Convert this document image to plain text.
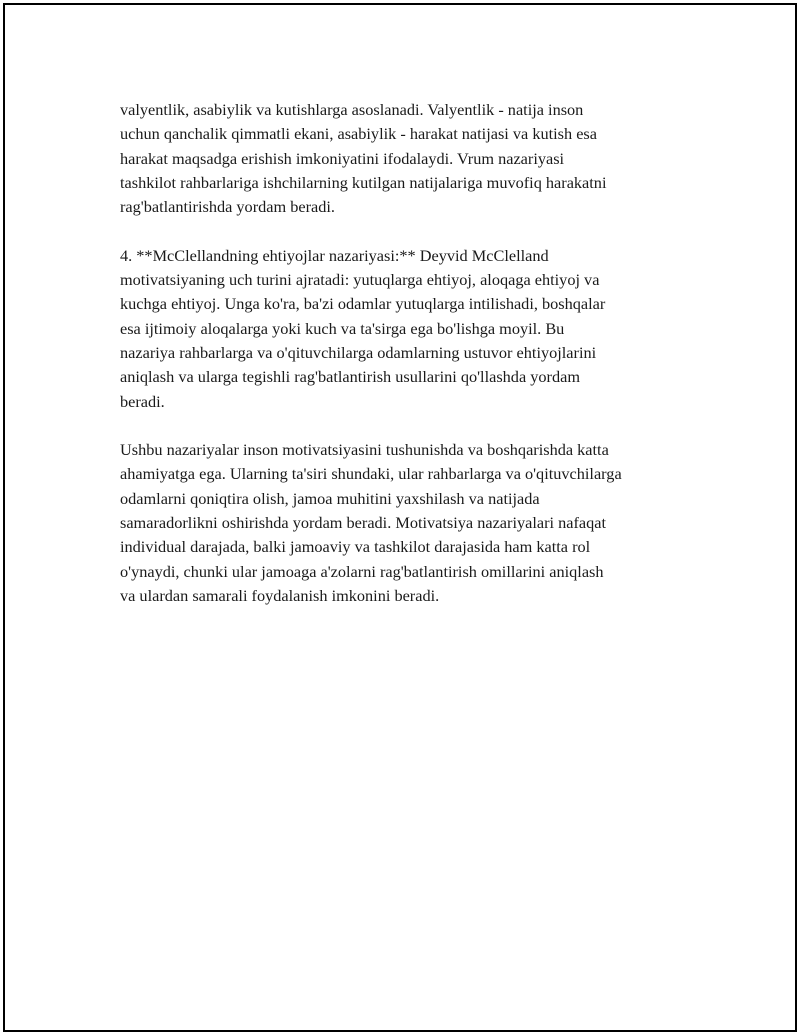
valyentlik, asabiylik va kutishlarga asoslanadi. Valyentlik - natija inson
uchun qanchalik qimmatli ekani, asabiylik - harakat natijasi va kutish esa
harakat maqsadga erishish imkoniyatini ifodalaydi. Vrum nazariyasi
tashkilot rahbarlariga ishchilarning kutilgan natijalariga muvofiq harakatni
rag'batlantirishda yordam beradi.

4. **McClellandning ehtiyojlar nazariyasi:** Deyvid McClelland
motivatsiyaning uch turini ajratadi: yutuqlarga ehtiyoj, aloqaga ehtiyoj va
kuchga ehtiyoj. Unga ko'ra, ba'zi odamlar yutuqlarga intilishadi, boshqalar
esa ijtimoiy aloqalarga yoki kuch va ta'sirga ega bo'lishga moyil. Bu
nazariya rahbarlarga va o'qituvchilarga odamlarning ustuvor ehtiyojlarini
aniqlash va ularga tegishli rag'batlantirish usullarini qo'llashda yordam
beradi.

Ushbu nazariyalar inson motivatsiyasini tushunishda va boshqarishda katta
ahamiyatga ega. Ularning ta'siri shundaki, ular rahbarlarga va o'qituvchilarga
odamlarni qoniqtira olish, jamoa muhitini yaxshilash va natijada
samaradorlikni oshirishda yordam beradi. Motivatsiya nazariyalari nafaqat
individual darajada, balki jamoaviy va tashkilot darajasida ham katta rol
o'ynaydi, chunki ular jamoaga a'zolarni rag'batlantirish omillarini aniqlash
va ulardan samarali foydalanish imkonini beradi.
